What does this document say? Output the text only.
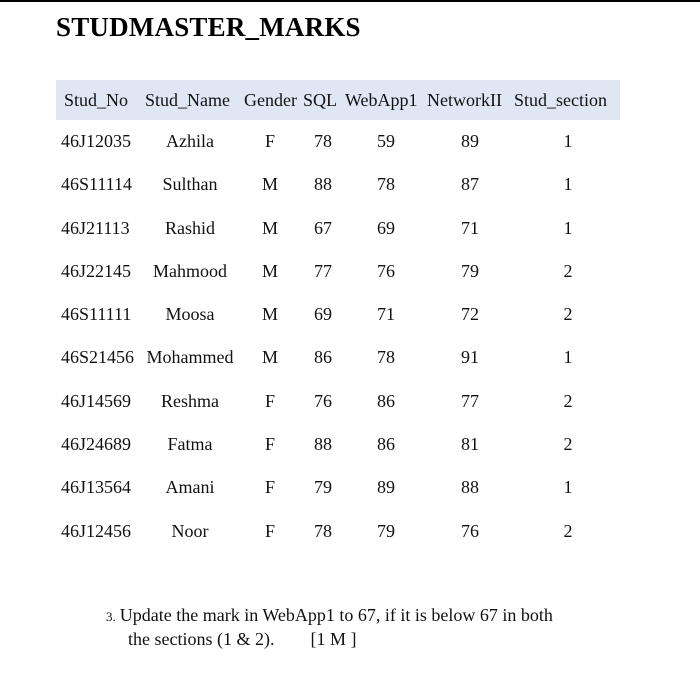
STUDMASTER_MARKS
Stud_No Stud_Name Gender SQL WebApp1 NetworkII Stud_section
46J12035 Azhila	F 78	59	89	1
46S11114 Sulthan M 88	78	87	1
46J21113 Rashid	M 67	69	71	1
46J22145 Mahmood M 77	76	79	2
46S11111 Moosa	M 69	71	72	2
46S21456 Mohammed M 86	78	91	1
46J14569 Reshma	F 76	86	77	2
46J24689 Fatma	F 88	86	81	2
46J13564 Amani	F 79	89	88	1
46J12456 Noor	F 78	79	76	2
3. Update the mark in WebApp1 to 67, if it is below 67 in both
the sections (1 & 2). [1 M ]
